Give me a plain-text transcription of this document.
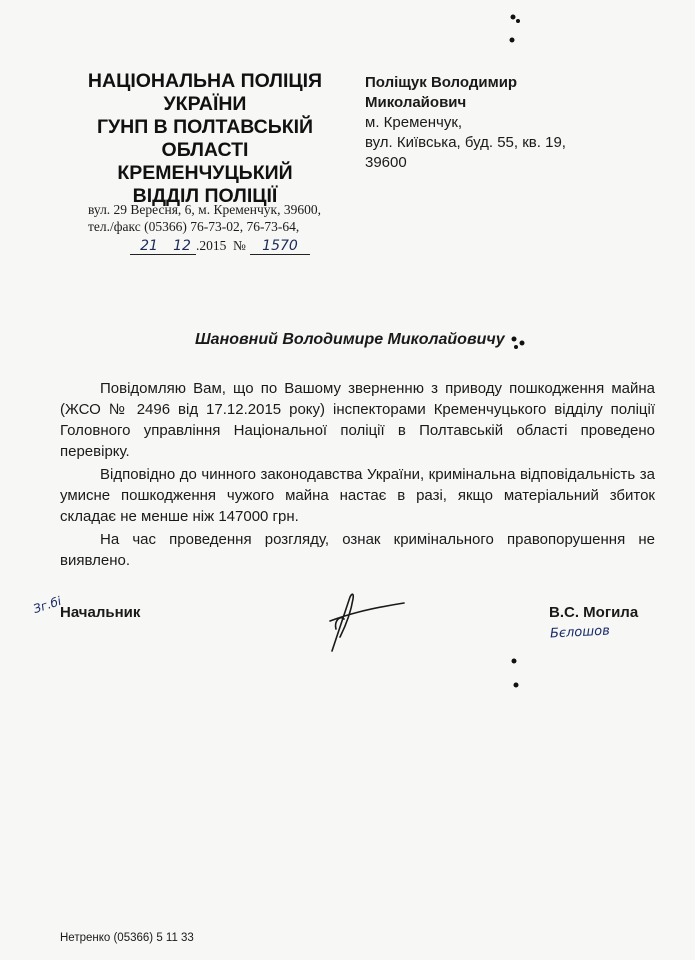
НАЦІОНАЛЬНА ПОЛІЦІЯ
УКРАЇНИ
ГУНП В ПОЛТАВСЬКІЙ
ОБЛАСТІ
КРЕМЕНЧУЦЬКИЙ
ВІДДІЛ ПОЛІЦІЇ
вул. 29 Вересня, 6, м. Кременчук, 39600,
тел./факс (05366) 76-73-02, 76-73-64,
21	12 .2015 №	1570
Поліщук Володимир
Миколайович
м. Кременчук,
вул. Київська, буд. 55, кв. 19,
39600
Шановний Володимире Миколайовичу

Повідомляю Вам, що по Вашому зверненню з приводу пошкодження майна (ЖСО № 2496 від 17.12.2015 року) інспекторами Кременчуцького відділу поліції Головного управління Національної поліції в Полтавській області проведено перевірку.

Відповідно до чинного законодавства України, кримінальна відповідальність за умисне пошкодження чужого майна настає в разі, якщо матеріальний збиток складає не менше ніж 147000 грн.

На час проведення розгляду, ознак кримінального правопорушення не виявлено.

Зг.бі
Начальник	В.С. Могила
Бєлошов
Нетренко (05366) 5 11 33
